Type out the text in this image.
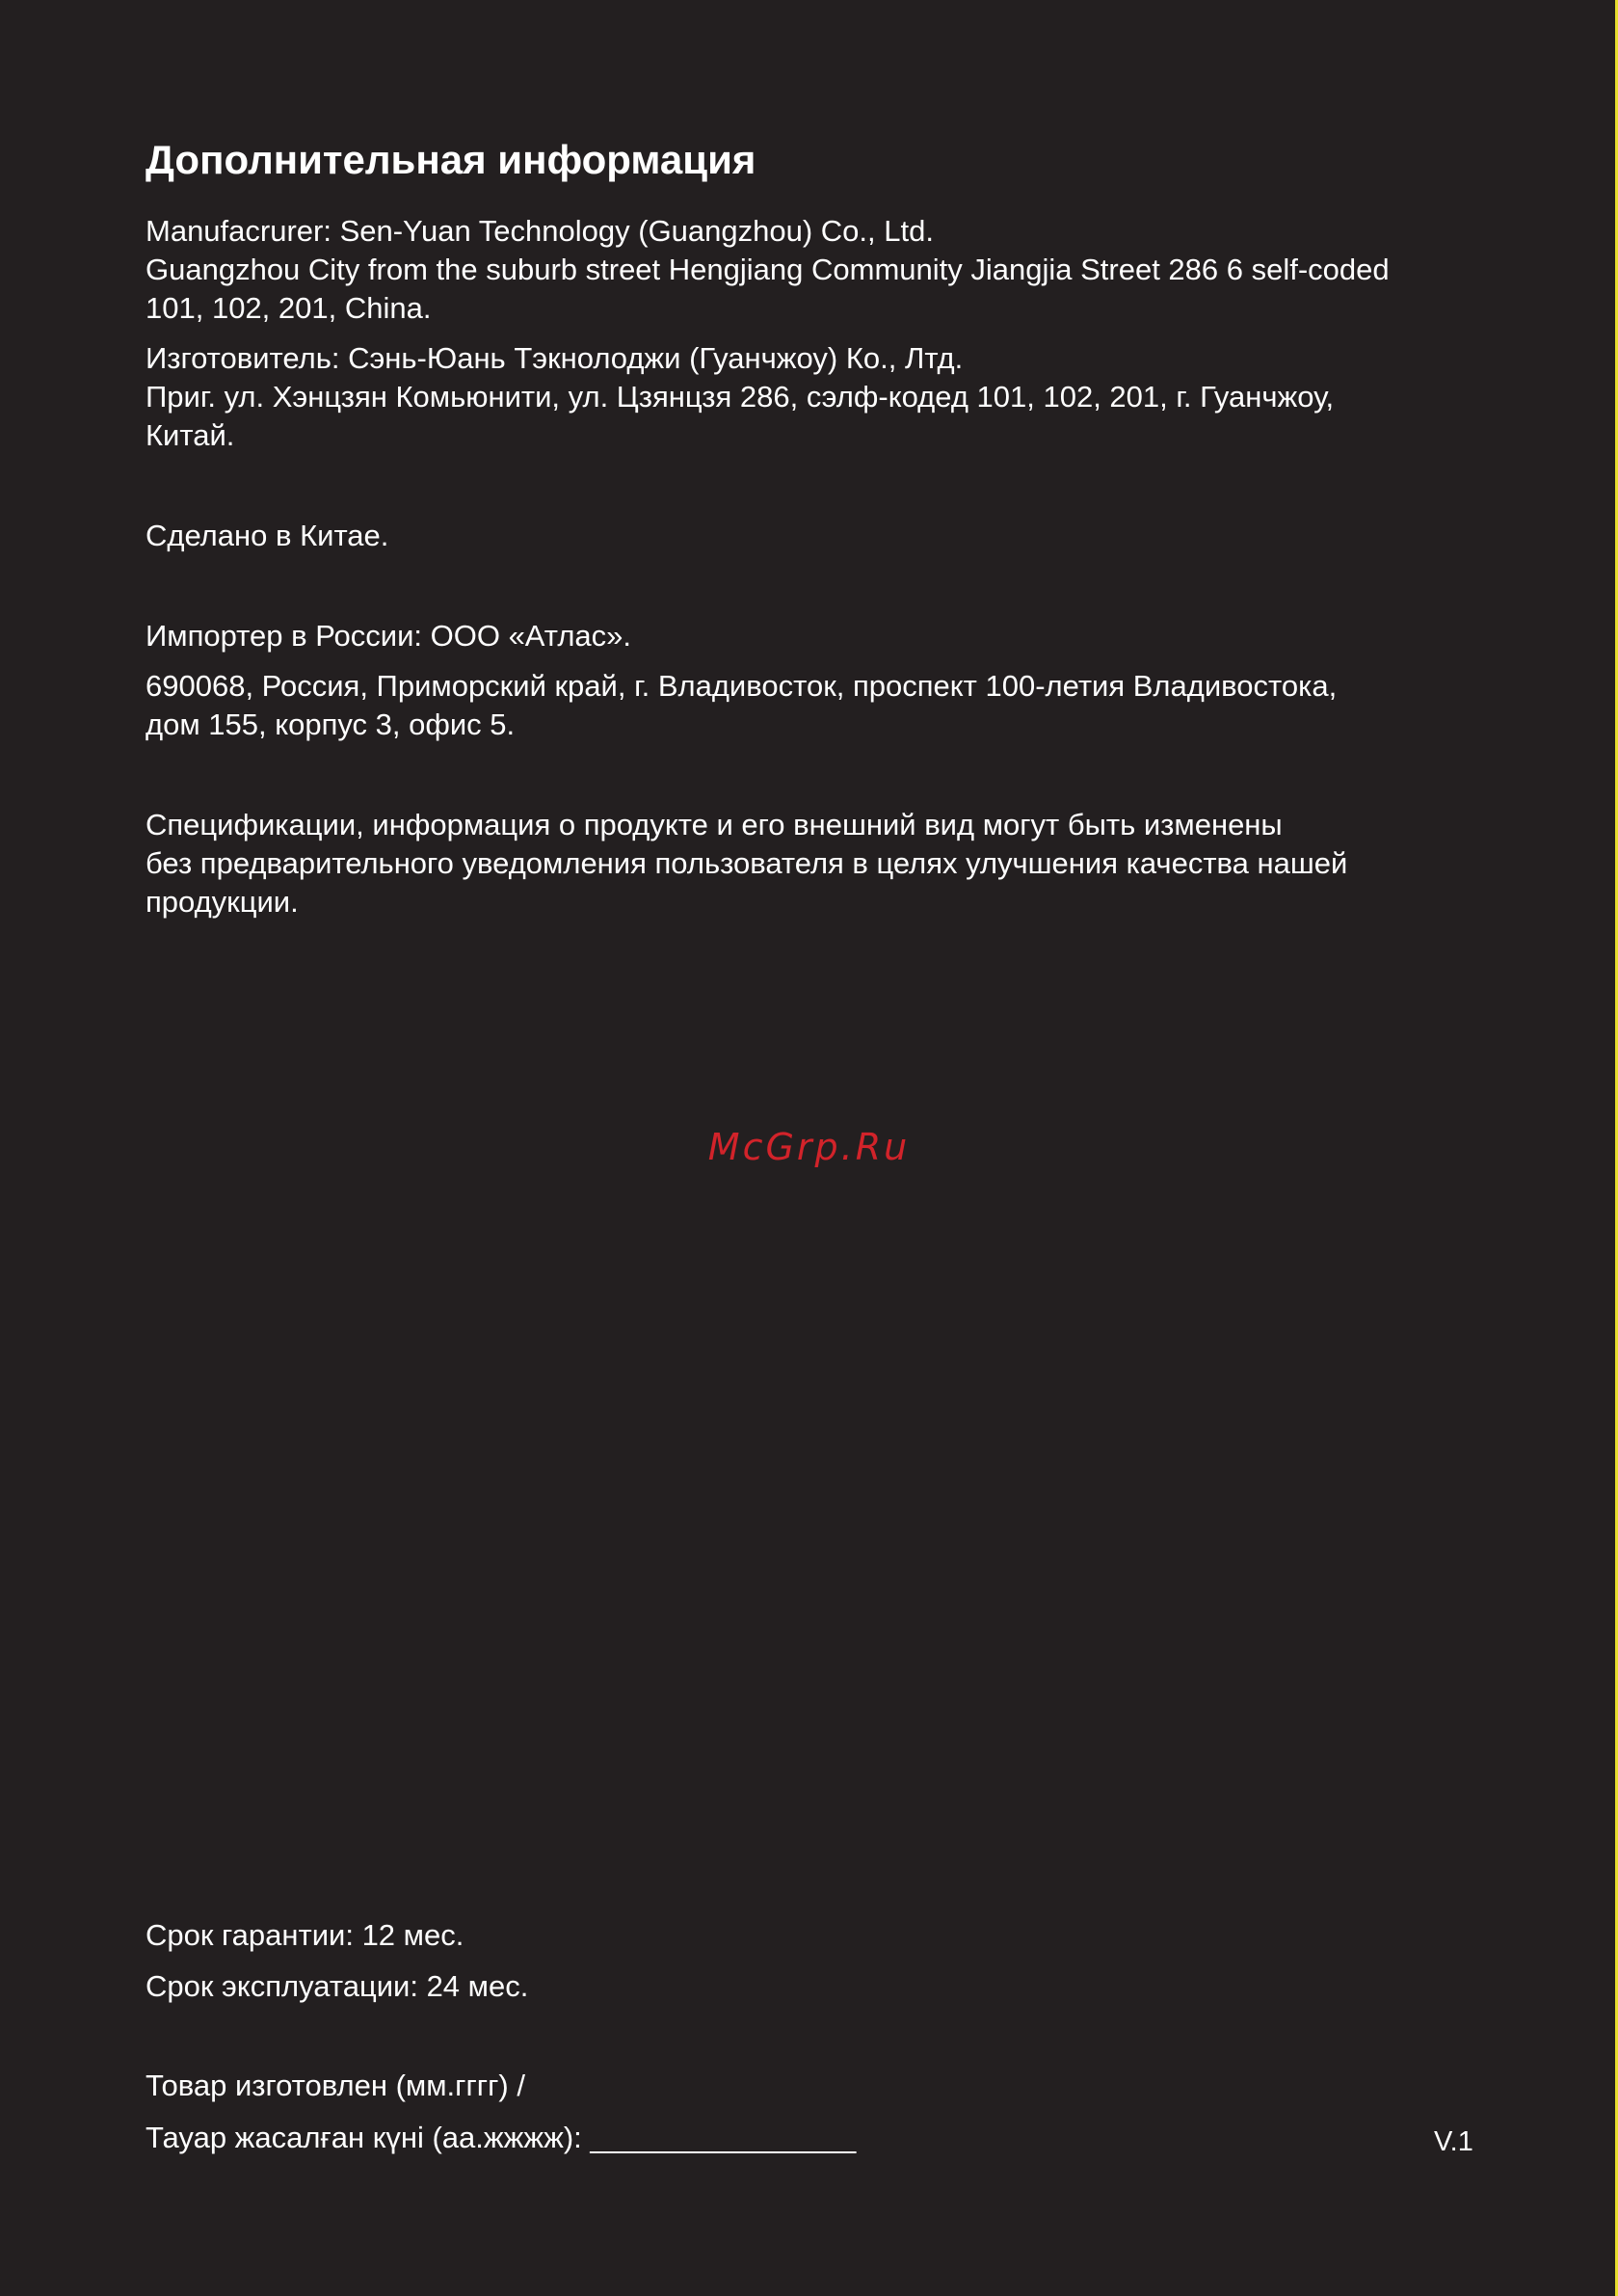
Дополнительная информация

Manufacrurer: Sen-Yuan Technology (Guangzhou) Co., Ltd.
Guangzhou City from the suburb street Hengjiang Community Jiangjia Street 286 6 self-coded
101, 102, 201, China.

Изготовитель: Сэнь-Юань Тэкнолоджи (Гуанчжоу) Ко., Лтд.
Приг. ул. Хэнцзян Комьюнити, ул. Цзянцзя 286, сэлф-кодед 101, 102, 201, г. Гуанчжоу,
Китай.

Сделано в Китае.

Импортер в России: ООО «Атлас».

690068, Россия, Приморский край, г. Владивосток, проспект 100-летия Владивостока,
дом 155, корпус 3, офис 5.

Спецификации, информация о продукте и его внешний вид могут быть изменены
без предварительного уведомления пользователя в целях улучшения качества нашей
продукции.

Срок гарантии: 12 мес.

Срок эксплуатации: 24 мес.

Товар изготовлен (мм.гггг) /

Тауар жасалған күні (аа.жжжж): ________________

McGrp.Ru
V.1
